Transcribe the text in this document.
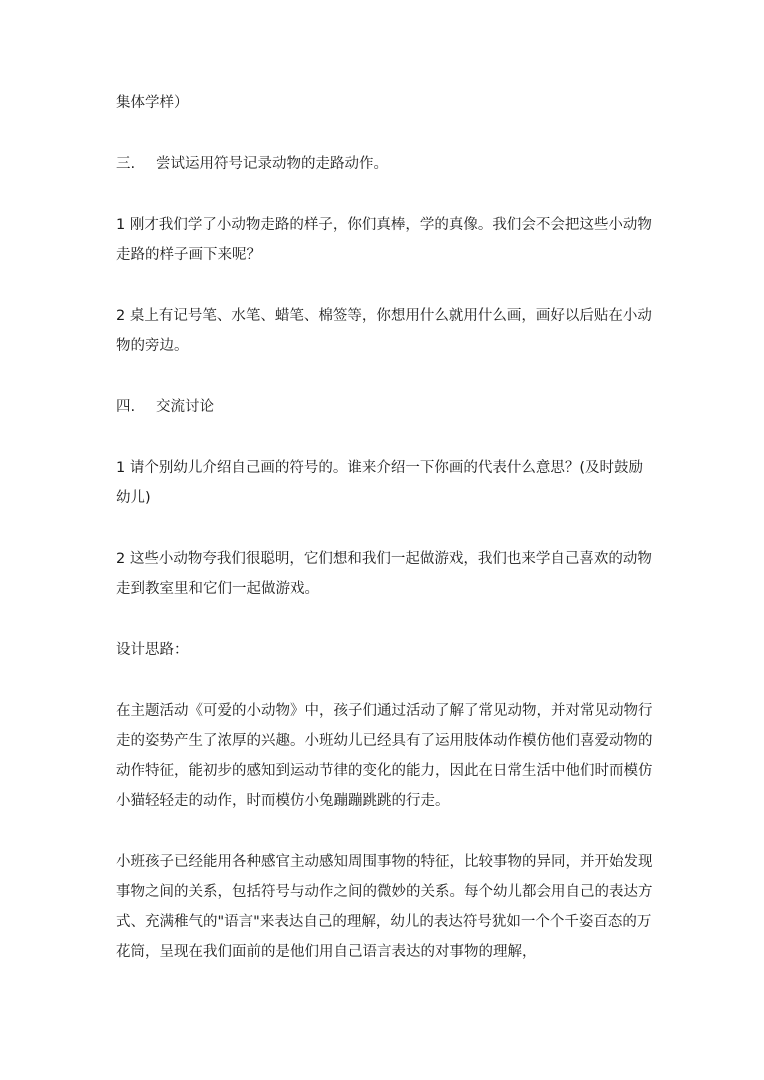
集体学样）

三. 尝试运用符号记录动物的走路动作。

1 刚才我们学了小动物走路的样子，你们真棒，学的真像。我们会不会把这些小动物走路的样子画下来呢？

2 桌上有记号笔、水笔、蜡笔、棉签等，你想用什么就用什么画，画好以后贴在小动物的旁边。

四. 交流讨论

1 请个别幼儿介绍自己画的符号的。谁来介绍一下你画的代表什么意思？(及时鼓励幼儿)

2 这些小动物夸我们很聪明，它们想和我们一起做游戏，我们也来学自己喜欢的动物走到教室里和它们一起做游戏。

设计思路：

在主题活动《可爱的小动物》中，孩子们通过活动了解了常见动物，并对常见动物行走的姿势产生了浓厚的兴趣。小班幼儿已经具有了运用肢体动作模仿他们喜爱动物的动作特征，能初步的感知到运动节律的变化的能力，因此在日常生活中他们时而模仿小猫轻轻走的动作，时而模仿小兔蹦蹦跳跳的行走。

小班孩子已经能用各种感官主动感知周围事物的特征，比较事物的异同，并开始发现事物之间的关系，包括符号与动作之间的微妙的关系。每个幼儿都会用自己的表达方式、充满稚气的"语言"来表达自己的理解，幼儿的表达符号犹如一个个千姿百态的万花筒，呈现在我们面前的是他们用自己语言表达的对事物的理解，
